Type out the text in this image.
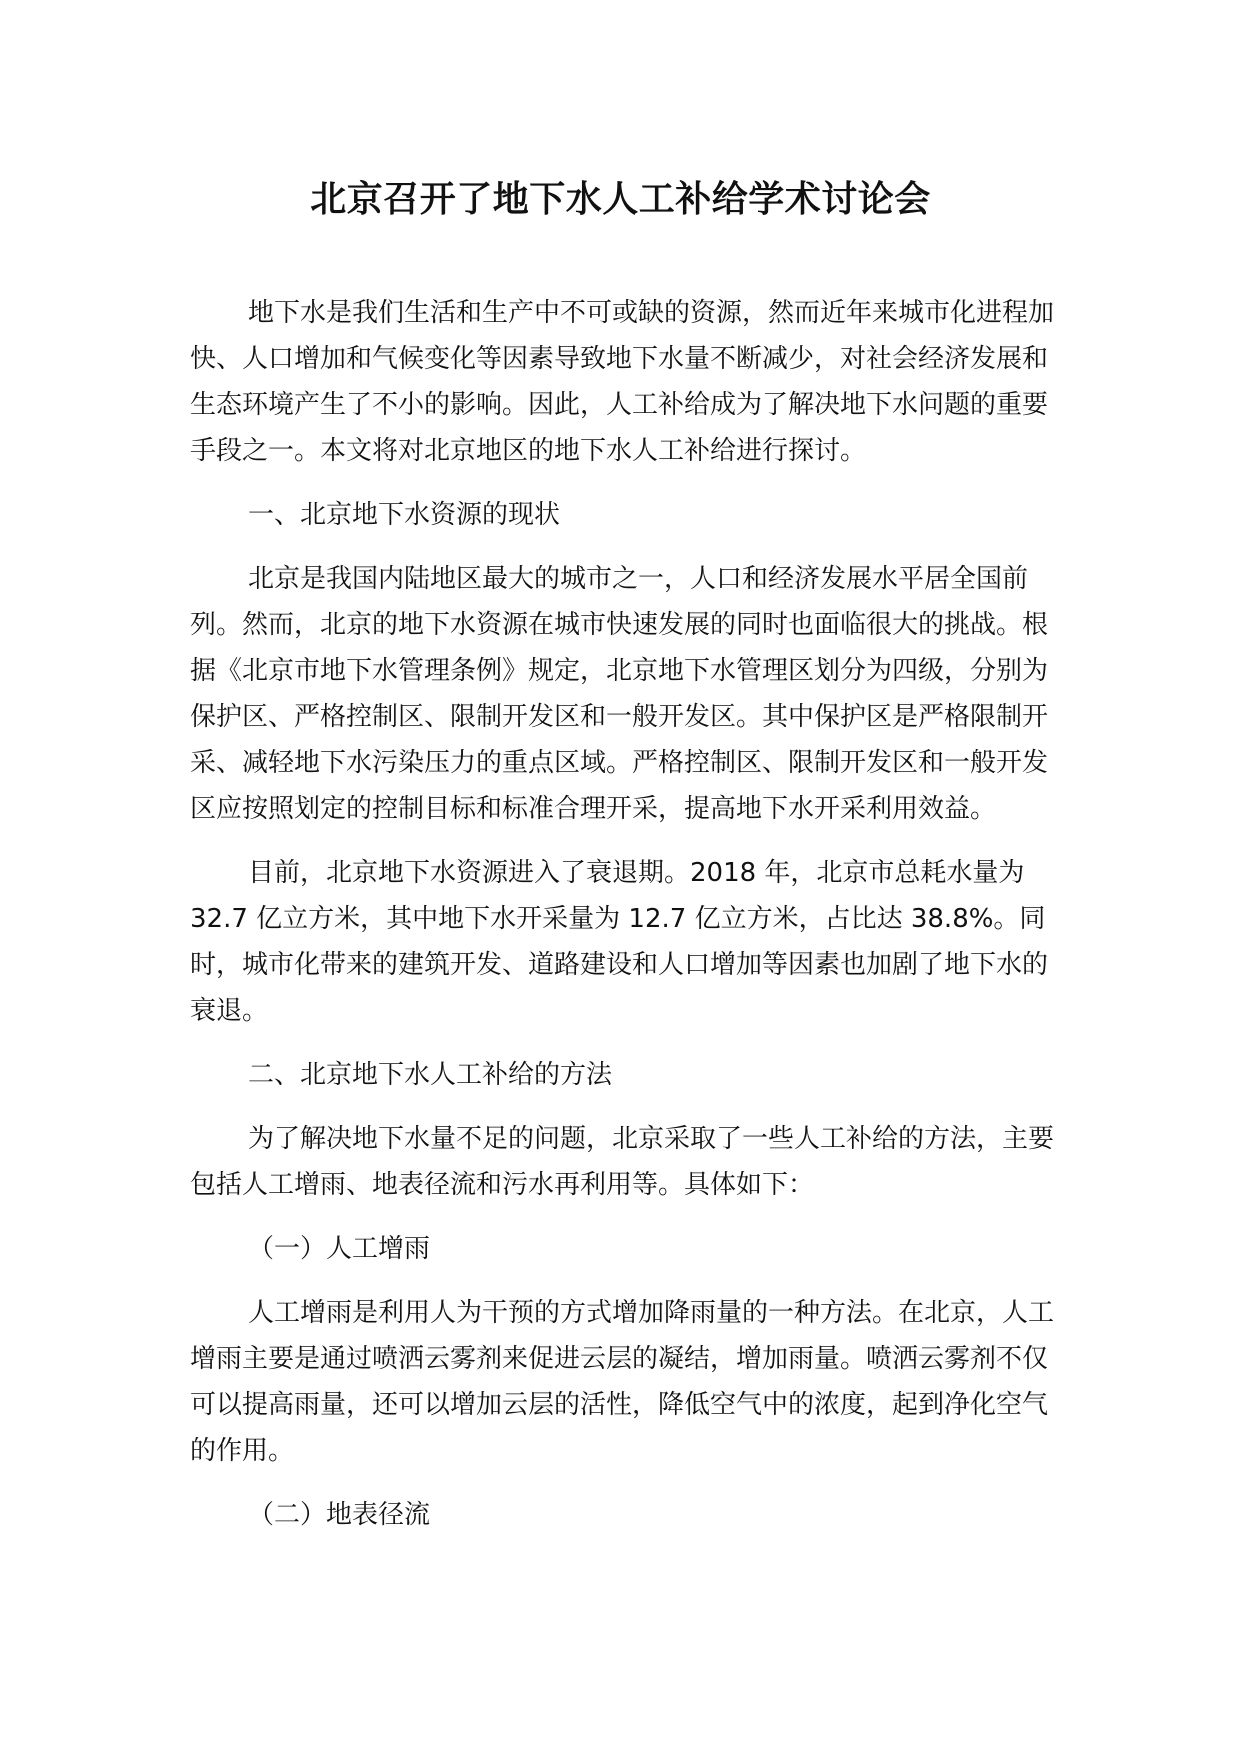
北京召开了地下水人工补给学术讨论会

地下水是我们生活和生产中不可或缺的资源，然而近年来城市化进程加快、人口增加和气候变化等因素导致地下水量不断减少，对社会经济发展和生态环境产生了不小的影响。因此，人工补给成为了解决地下水问题的重要手段之一。本文将对北京地区的地下水人工补给进行探讨。

一、北京地下水资源的现状

北京是我国内陆地区最大的城市之一，人口和经济发展水平居全国前列。然而，北京的地下水资源在城市快速发展的同时也面临很大的挑战。根据《北京市地下水管理条例》规定，北京地下水管理区划分为四级，分别为保护区、严格控制区、限制开发区和一般开发区。其中保护区是严格限制开采、减轻地下水污染压力的重点区域。严格控制区、限制开发区和一般开发区应按照划定的控制目标和标准合理开采，提高地下水开采利用效益。

目前，北京地下水资源进入了衰退期。2018 年，北京市总耗水量为 32.7 亿立方米，其中地下水开采量为 12.7 亿立方米，占比达 38.8%。同时，城市化带来的建筑开发、道路建设和人口增加等因素也加剧了地下水的衰退。

二、北京地下水人工补给的方法

为了解决地下水量不足的问题，北京采取了一些人工补给的方法，主要包括人工增雨、地表径流和污水再利用等。具体如下：

（一）人工增雨

人工增雨是利用人为干预的方式增加降雨量的一种方法。在北京，人工增雨主要是通过喷洒云雾剂来促进云层的凝结，增加雨量。喷洒云雾剂不仅可以提高雨量，还可以增加云层的活性，降低空气中的浓度，起到净化空气的作用。

（二）地表径流
